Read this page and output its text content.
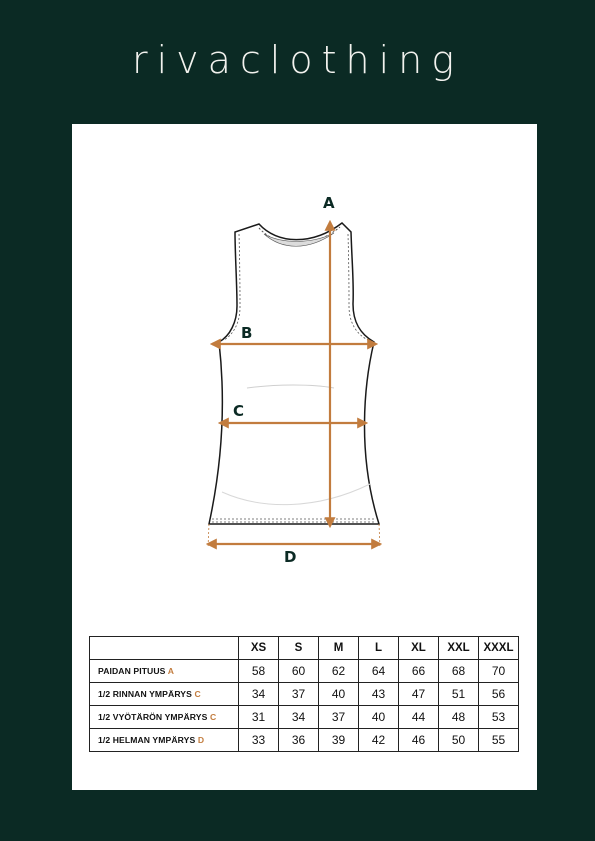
rivaclothing
A
B
C
D
	XS	S	M	L	XL	XXL	XXXL
PAIDAN PITUUS A	58	60	62	64	66	68	70
1/2 RINNAN YMPÄRYS C	34	37	40	43	47	51	56
1/2 VYÖTÄRÖN YMPÄRYS C	31	34	37	40	44	48	53
1/2 HELMAN YMPÄRYS D	33	36	39	42	46	50	55
